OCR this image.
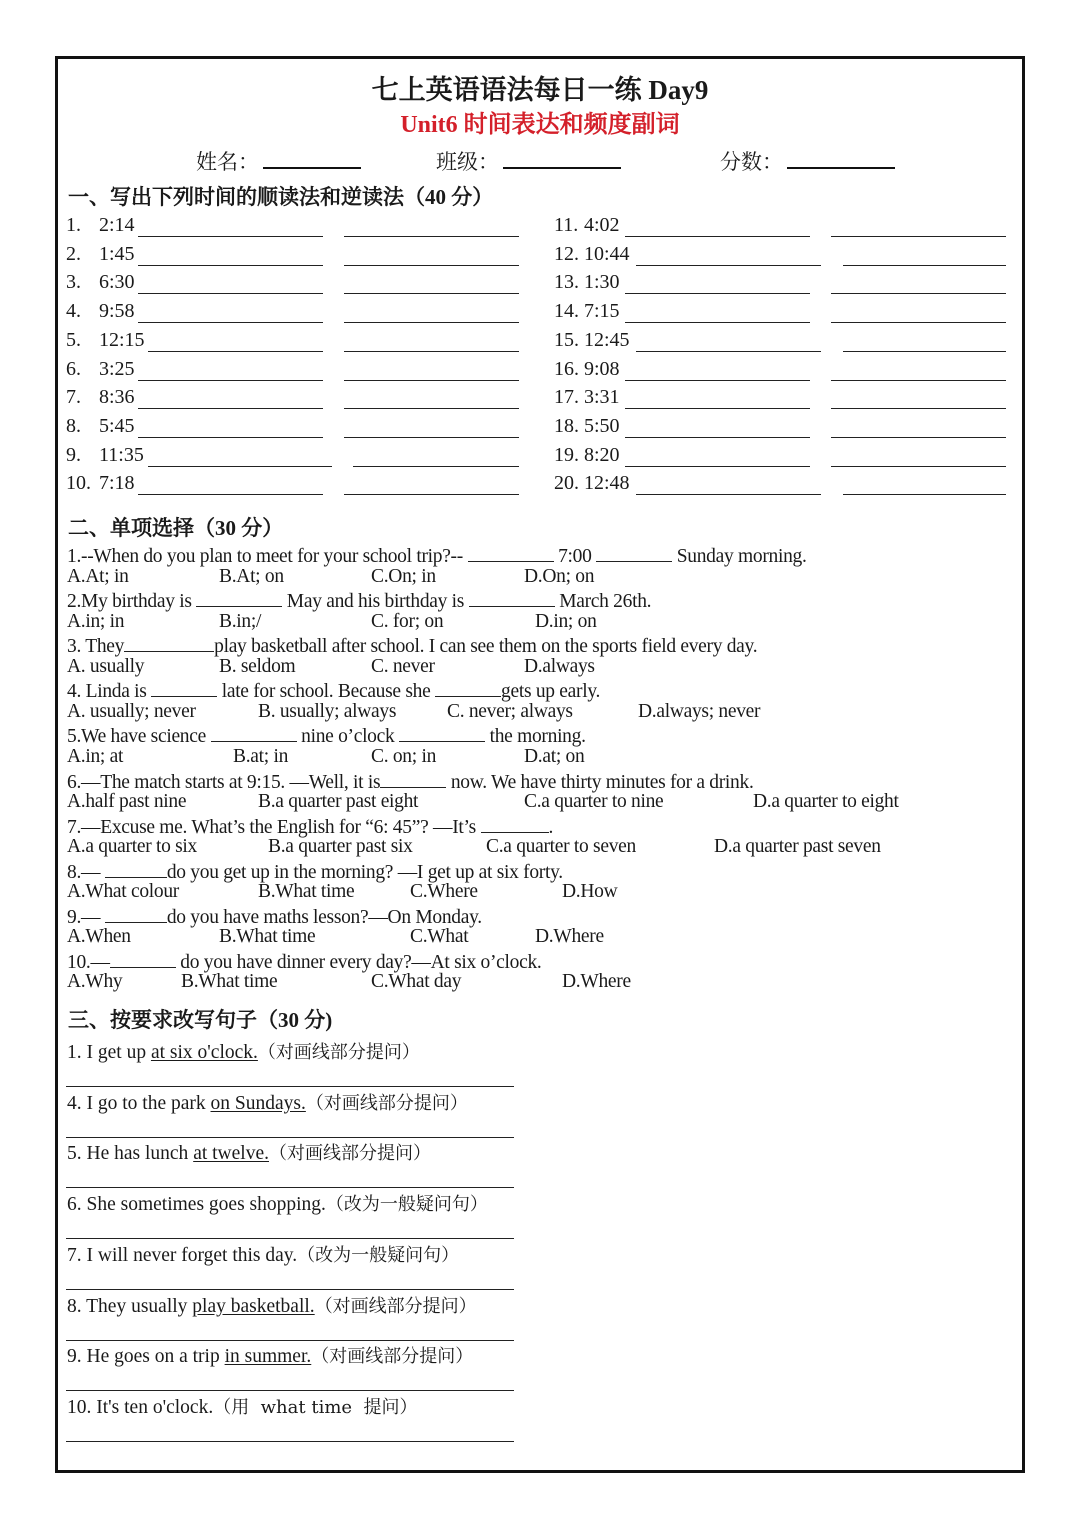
七上英语语法每日一练 Day9
Unit6 时间表达和频度副词
姓名：	班级：	分数：
一、写出下列时间的顺读法和逆读法（40 分）
1. 2:14
2. 1:45
3. 6:30
4. 9:58
5. 12:15
6. 3:25
7. 8:36
8. 5:45
9. 11:35
10. 7:18
11. 4:02
12. 10:44
13. 1:30
14. 7:15
15. 12:45
16. 9:08
17. 3:31
18. 5:50
19. 8:20
20. 12:48
二、单项选择（30 分）
1.--When do you plan to meet for your school trip?--	7:00	Sunday morning.
A.At; in	B.At; on	C.On; in	D.On; on
2.My birthday is	May and his birthday is	March 26th.
A.in; in	B.in;/	C. for; on	D.in; on
3. They	play basketball after school. I can see them on the sports field every day.
A. usually	B. seldom	C. never	D.always
4. Linda is	late for school. Because she	gets up early.
A. usually; never	B. usually; always	C. never; always	D.always; never
5.We have science	nine o’clock	the morning.
A.in; at	B.at; in	C. on; in	D.at; on
6.—The match starts at 9:15. —Well, it is	now. We have thirty minutes for a drink.
A.half past nine	B.a quarter past eight	C.a quarter to nine	D.a quarter to eight
7.—Excuse me. What’s the English for “6: 45”? —It’s	.
A.a quarter to six	B.a quarter past six	C.a quarter to seven	D.a quarter past seven
8.—	do you get up in the morning? —I get up at six forty.
A.What colour	B.What time	C.Where	D.How
9.—	do you have maths lesson?—On Monday.
A.When	B.What time	C.What	D.Where
10.—	do you have dinner every day?—At six o’clock.
A.Why	B.What time	C.What day	D.Where
三、按要求改写句子（30 分)
1. I get up at six o'clock.（对画线部分提问）
4. I go to the park on Sundays.（对画线部分提问）
5. He has lunch at twelve.（对画线部分提问）
6. She sometimes goes shopping.（改为一般疑问句）
7. I will never forget this day.（改为一般疑问句）
8. They usually play basketball.（对画线部分提问）
9. He goes on a trip in summer.（对画线部分提问）
10. It's ten o'clock.（用  what time  提问）
